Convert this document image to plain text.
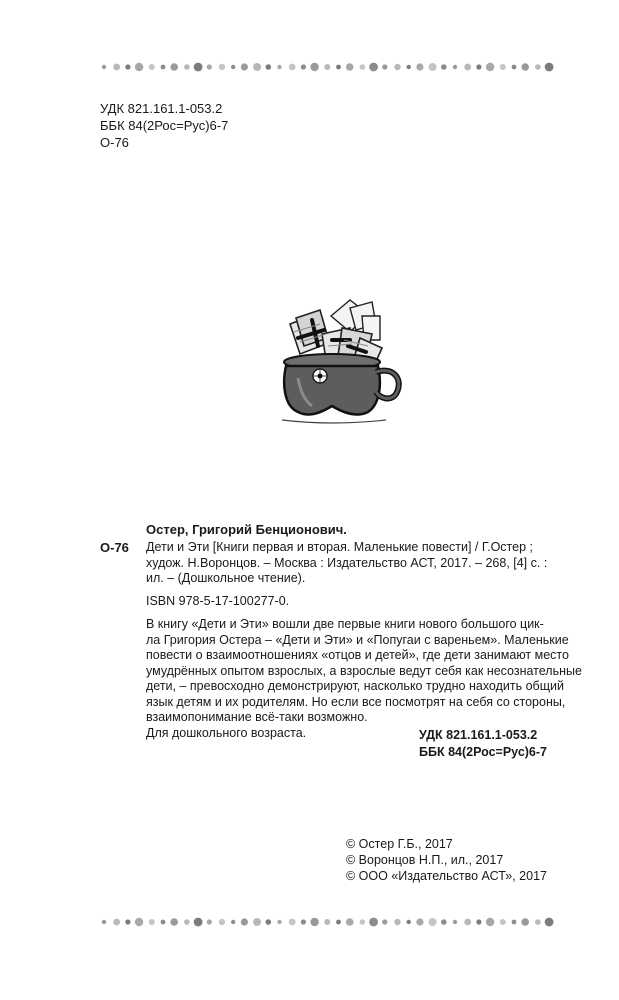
УДК 821.161.1-053.2
ББК 84(2Рос=Рус)6-7
О-76
Остер, Григорий Бенционович.
О-76 Дети и Эти [Книги первая и вторая. Маленькие повести] / Г.Остер ;
худож. Н.Воронцов. – Москва : Издательство АСТ, 2017. – 268, [4] с. :
ил. – (Дошкольное чтение).
ISBN 978-5-17-100277-0.
В книгу «Дети и Эти» вошли две первые книги нового большого цик-
ла Григория Остера – «Дети и Эти» и «Попугаи с вареньем». Маленькие
повести о взаимоотношениях «отцов и детей», где дети занимают место
умудрённых опытом взрослых, а взрослые ведут себя как несознательные
дети, – превосходно демонстрируют, насколько трудно находить общий
язык детям и их родителям. Но если все посмотрят на себя со стороны,
взаимопонимание всё-таки возможно.
Для дошкольного возраста.	УДК 821.161.1-053.2
ББК 84(2Рос=Рус)6-7
© Остер Г.Б., 2017
© Воронцов Н.П., ил., 2017
© ООО «Издательство АСТ», 2017
